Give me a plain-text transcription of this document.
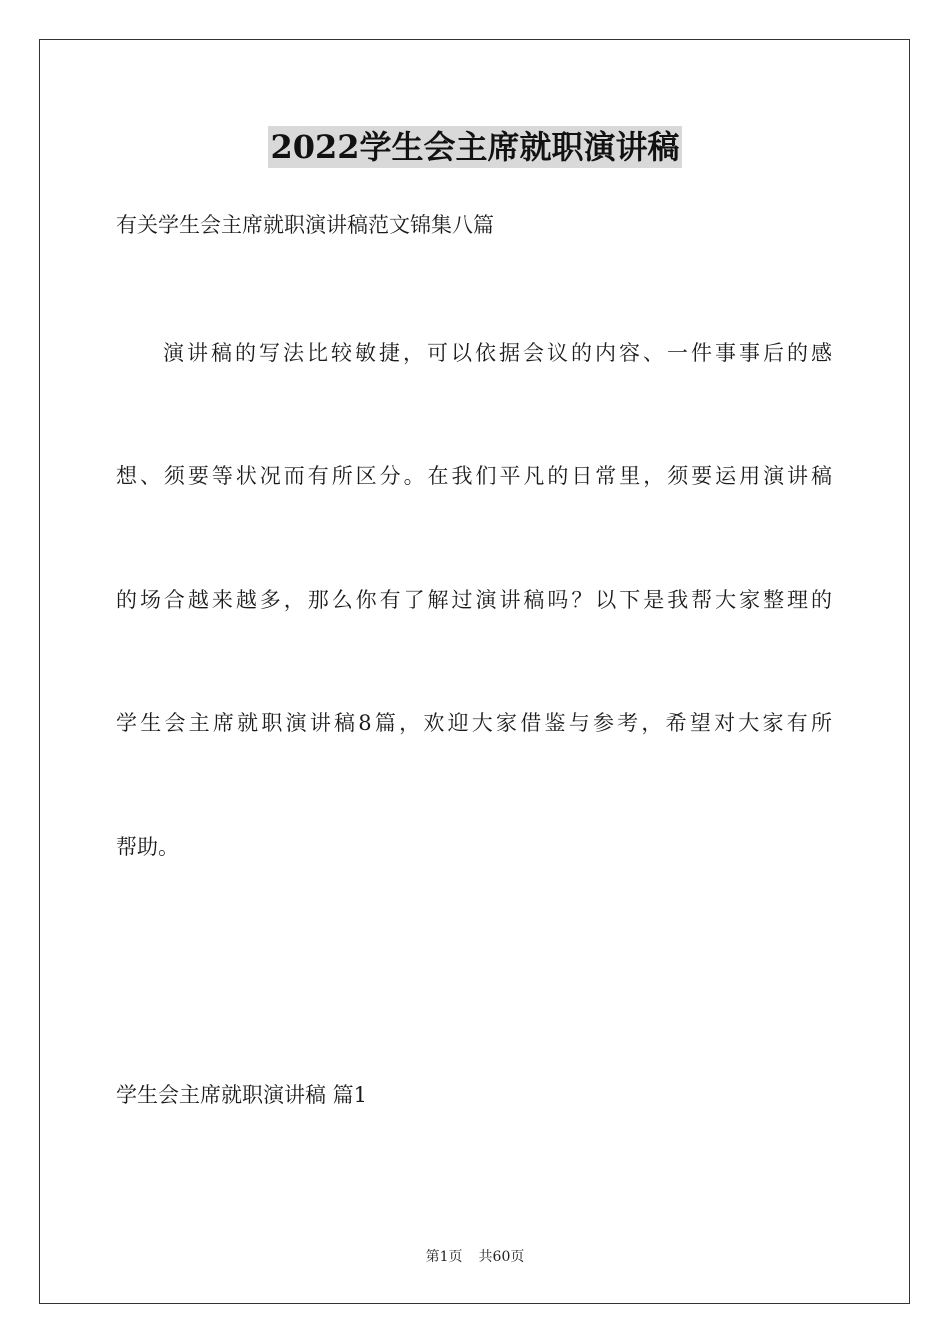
2022学生会主席就职演讲稿
有关学生会主席就职演讲稿范文锦集八篇
演讲稿的写法比较敏捷，可以依据会议的内容、一件事事后的感
想、须要等状况而有所区分。在我们平凡的日常里，须要运用演讲稿
的场合越来越多，那么你有了解过演讲稿吗？以下是我帮大家整理的
学生会主席就职演讲稿8篇，欢迎大家借鉴与参考，希望对大家有所
帮助。
学生会主席就职演讲稿 篇1
第1页 共60页
